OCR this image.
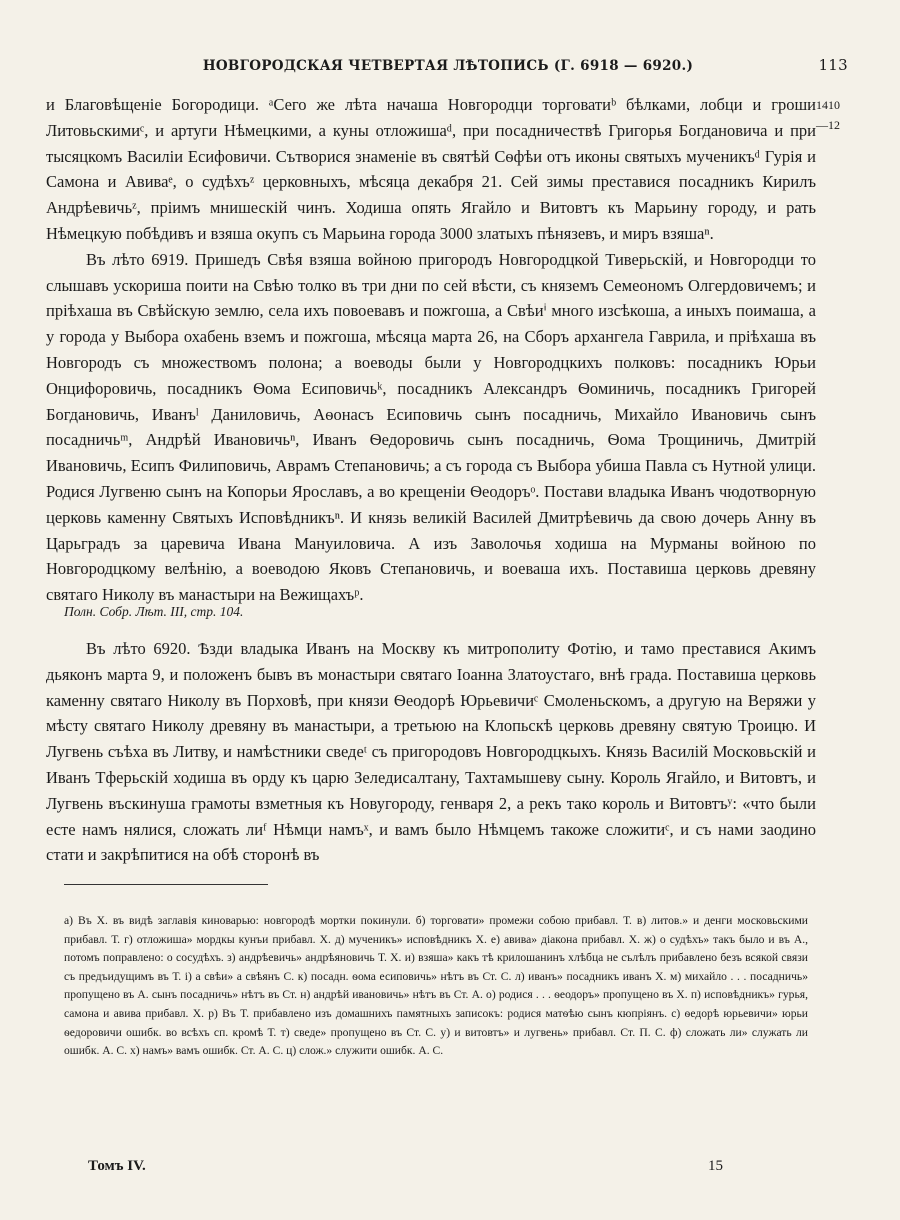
НОВГОРОДСКАЯ ЧЕТВЕРТАЯ ЛѢТОПИСЬ (Г. 6918 — 6920.)	113
1410
—12

и Благовѣщеніе Богородици. ᵃСего же лѣта начаша Новгородци торговатиᵇ бѣлками, лобци и гроши Литовьскимиᶜ, и артуги Нѣмецкими, а куны отложишаᵈ, при посадничествѣ Григорья Богдановича и при тысяцкомъ Василіи Есифовичи. Сътворися знаменіе въ святѣй Сѳфѣи отъ иконы святыхъ мученикъᵈ Гурія и Самона и Авиваᵉ, о судѣхъᶻ церковныхъ, мѣсяца декабря 21. Сей зимы преставися посадникъ Кирилъ Андрѣевичьᶻ, пріимъ мнишескій чинъ. Ходиша опять Ягайло и Витовтъ къ Марьину городу, и рать Нѣмецкую побѣдивъ и взяша окупъ съ Марьина города 3000 златыхъ пѣнязевъ, и миръ взяшаⁿ.

Въ лѣто 6919. Пришедъ Свѣя взяша войною пригородъ Новгородцкой Тиверьскій, и Новгородци то слышавъ ускориша поити на Свѣю толко въ три дни по сей вѣсти, съ княземъ Семеономъ Олгердовичемъ; и пріѣхаша въ Свѣйскую землю, села ихъ повоевавъ и пожгоша, а Свѣиⁱ много изсѣкоша, а иныхъ поимаша, а у города у Выбора охабень вземъ и пожгоша, мѣсяца марта 26, на Сборъ архангела Гаврила, и пріѣхаша въ Новгородъ съ множествомъ полона; а воеводы были у Новгородцкихъ полковъ: посадникъ Юрьи Онцифоровичь, посадникъ Ѳома Есиповичьᵏ, посадникъ Александръ Ѳоминичь, посадникъ Григорей Богдановичь, Иванъˡ Даниловичь, Аѳонасъ Есиповичь сынъ посадничь, Михайло Ивановичь сынъ посадничьᵐ, Андрѣй Ивановичьⁿ, Иванъ Ѳедоровичь сынъ посадничь, Ѳома Трощиничь, Дмитрій Ивановичь, Есипъ Филиповичь, Аврамъ Степановичь; а съ города съ Выбора убиша Павла съ Нутной улици. Родися Лугвеню сынъ на Копорьи Ярославъ, а во крещеніи Ѳеодоръᵒ. Постави владыка Иванъ чюдотворную церковь каменну Святыхъ Исповѣдникъⁿ. И князь великій Василей Дмитрѣевичь да свою дочерь Анну въ Царьградъ за царевича Ивана Мануиловича. А изъ Заволочья ходиша на Мурманы войною по Новгородцкому велѣнію, а воеводою Яковъ Степановичь, и воеваша ихъ. Поставиша церковь древяну святаго Николу въ манастыри на Вежищахъᵖ.

Полн. Собр. Лѣт. III, стр. 104.

Въ лѣто 6920. Ѣзди владыка Иванъ на Москву къ митрополиту Фотію, и тамо преставися Акимъ дьяконъ марта 9, и положенъ бывъ въ монастыри святаго Іоанна Златоустаго, внѣ града. Поставиша церковь каменну святаго Николу въ Порховѣ, при князи Ѳеодорѣ Юрьевичиᶜ Смоленьскомъ, а другую на Веряжи у мѣсту святаго Николу древяну въ манастыри, а третьюю на Клопьскѣ церковь древяну святую Троицю. И Лугвень съѣха въ Литву, и намѣстники сведеᵗ съ пригородовъ Новгородцкыхъ. Князь Василій Московьскій и Иванъ Тферьскій ходиша въ орду къ царю Зеледисалтану, Тахтамышеву сыну. Король Ягайло, и Витовтъ, и Лугвень въскинуша грамоты взметныя къ Новугороду, генваря 2, а рекъ тако король и Витовтъʸ: «что были есте намъ нялися, сложать лиᶠ Нѣмци намъˣ, и вамъ было Нѣмцемъ такоже сложитиᶜ, и съ нами заодино стати и закрѣпитися на обѣ сторонѣ въ

а) Въ Х. въ видѣ заглавія киноварью: новгородѣ мортки покинули. б) торговати» промежи собою прибавл. Т. в) литов.» и денги московьскими прибавл. Т. г) отложиша» мордкы кунъи прибавл. Х. д) мученикъ» исповѣдникъ Х. е) авива» діакона прибавл. Х. ж) о судѣхъ» такъ было и въ А., потомъ поправлено: о сосудѣхъ. з) андрѣевичь» андрѣяновичь Т. Х. и) взяша» какъ тѣ крилошанинъ хлѣбца не сълѣлъ прибавлено безъ всякой связи съ предъидущимъ въ Т. і) а свѣи» а свѣянъ С. к) посадн. ѳома есиповичь» нѣтъ въ Ст. С. л) иванъ» посадникъ иванъ Х. м) михайло . . . посадничь» пропущено въ А. сынъ посадничь» нѣтъ въ Ст. н) андрѣй ивановичь» нѣтъ въ Ст. А. о) родися . . . ѳеодоръ» пропущено въ Х. п) исповѣдникъ» гурья, самона и авива прибавл. Х. р) Въ Т. прибавлено изъ домашнихъ памятныхъ записокъ: родися матѳѣю сынъ кюпріянъ. с) ѳедорѣ юрьевичи» юрьи ѳедоровичи ошибк. во всѣхъ сп. кромѣ Т. т) сведе» пропущено въ Ст. С. у) и витовтъ» и лугвень» прибавл. Ст. П. С. ф) сложать ли» служать ли ошибк. А. С. х) намъ» вамъ ошибк. Ст. А. С. ц) слож.» служити ошибк. А. С.
Томъ IV.	15
